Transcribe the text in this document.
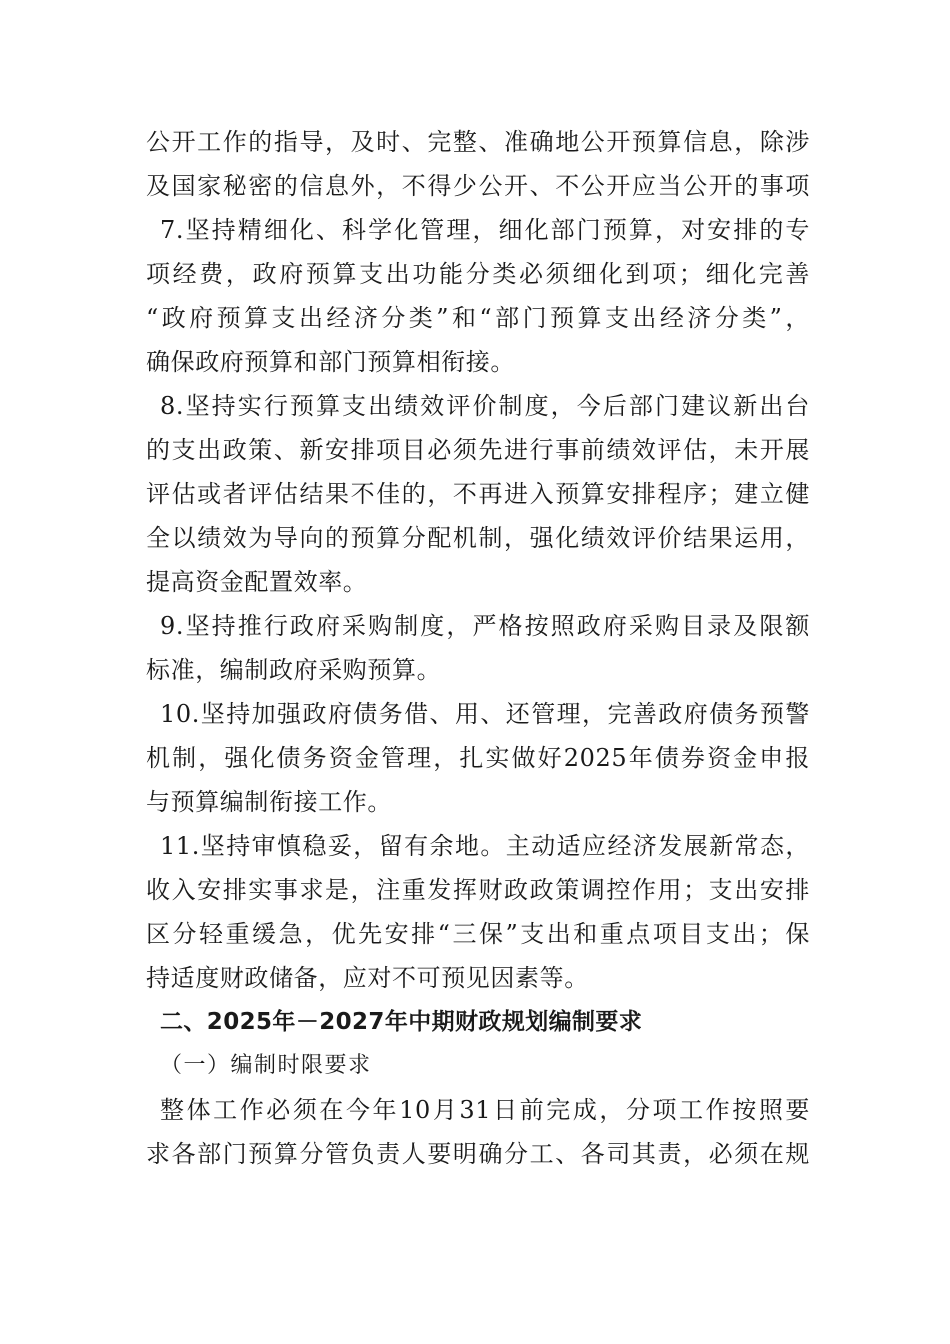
公开工作的指导，及时、完整、准确地公开预算信息，除涉
及国家秘密的信息外，不得少公开、不公开应当公开的事项
7.坚持精细化、科学化管理，细化部门预算，对安排的专
项经费，政府预算支出功能分类必须细化到项；细化完善
“政府预算支出经济分类”和“部门预算支出经济分类”，
确保政府预算和部门预算相衔接。
8.坚持实行预算支出绩效评价制度，今后部门建议新出台
的支出政策、新安排项目必须先进行事前绩效评估，未开展
评估或者评估结果不佳的，不再进入预算安排程序；建立健
全以绩效为导向的预算分配机制，强化绩效评价结果运用，
提高资金配置效率。
9.坚持推行政府采购制度，严格按照政府采购目录及限额
标准，编制政府采购预算。
10.坚持加强政府债务借、用、还管理，完善政府债务预警
机制，强化债务资金管理，扎实做好2025年债券资金申报
与预算编制衔接工作。
11.坚持审慎稳妥，留有余地。主动适应经济发展新常态，
收入安排实事求是，注重发挥财政政策调控作用；支出安排
区分轻重缓急，优先安排“三保”支出和重点项目支出；保
持适度财政储备，应对不可预见因素等。
二、2025年－2027年中期财政规划编制要求
（一）编制时限要求
整体工作必须在今年10月31日前完成，分项工作按照要
求各部门预算分管负责人要明确分工、各司其责，必须在规
